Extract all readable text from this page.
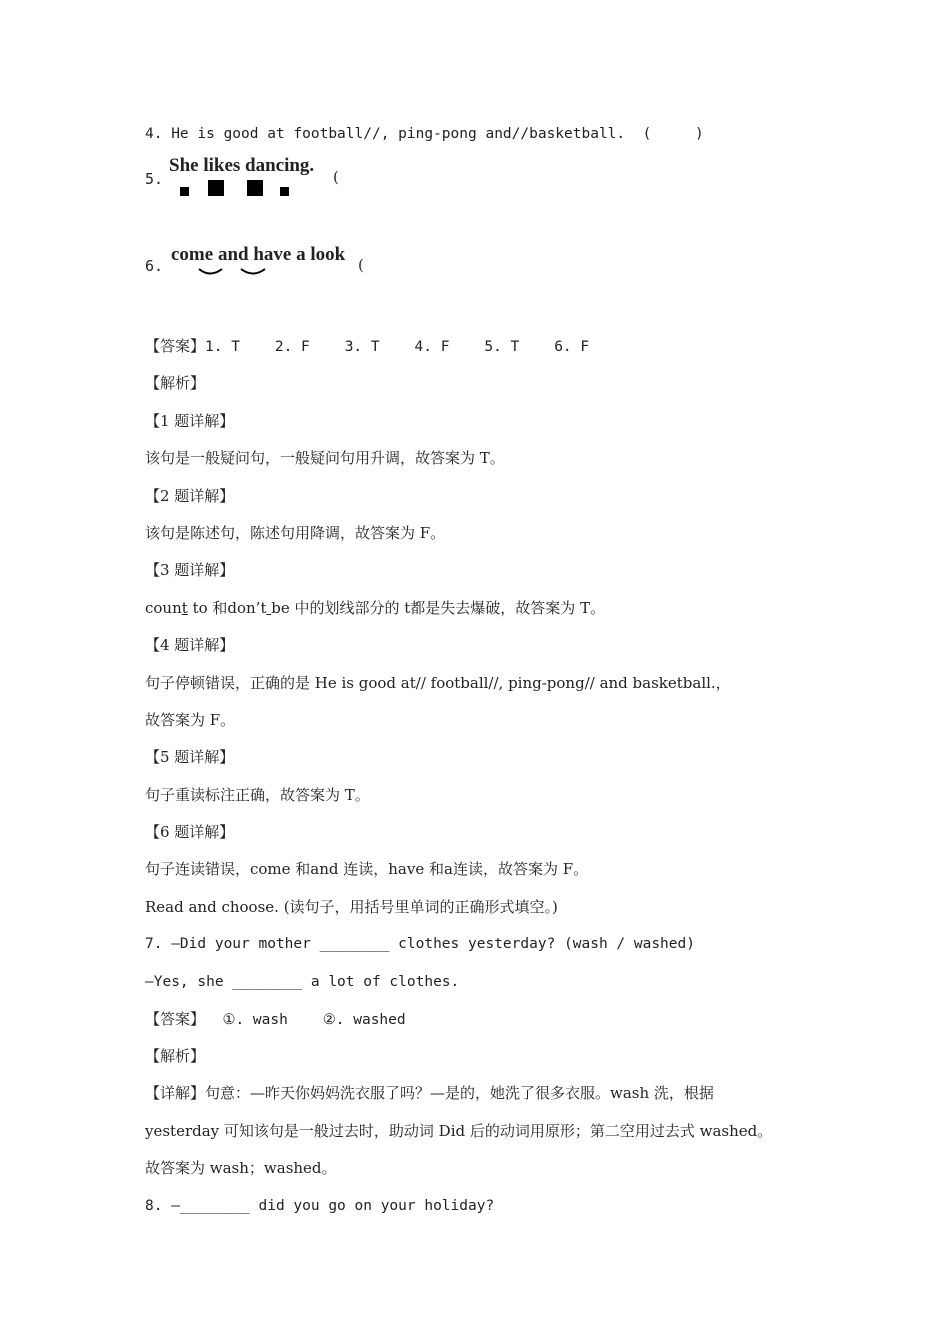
4. He is good at football//, ping-pong and//basketball.  (     )
5.
She likes dancing.
(
6.
come and have a look (
【答案】1. T    2. F    3. T    4. F    5. T    6. F
【解析】
【1 题详解】
该句是一般疑问句，一般疑问句用升调，故答案为 T。
【2 题详解】
该句是陈述句，陈述句用降调，故答案为 F。
【3 题详解】
count to 和don’t be 中的划线部分的 t都是失去爆破，故答案为 T。
【4 题详解】
句子停顿错误，正确的是 He is good at// football//, ping-pong// and basketball.，
故答案为 F。
【5 题详解】
句子重读标注正确，故答案为 T。
【6 题详解】
句子连读错误，come 和and 连读，have 和a连读，故答案为 F。
Read and choose. (读句子，用括号里单词的正确形式填空。)
7. —Did your mother ________ clothes yesterday? (wash / washed)
—Yes, she ________ a lot of clothes.
【答案】  ①. wash    ②. washed
【解析】
【详解】句意：—昨天你妈妈洗衣服了吗？—是的，她洗了很多衣服。wash 洗，根据
yesterday 可知该句是一般过去时，助动词 Did 后的动词用原形；第二空用过去式 washed。
故答案为 wash；washed。
8. —________ did you go on your holiday?
